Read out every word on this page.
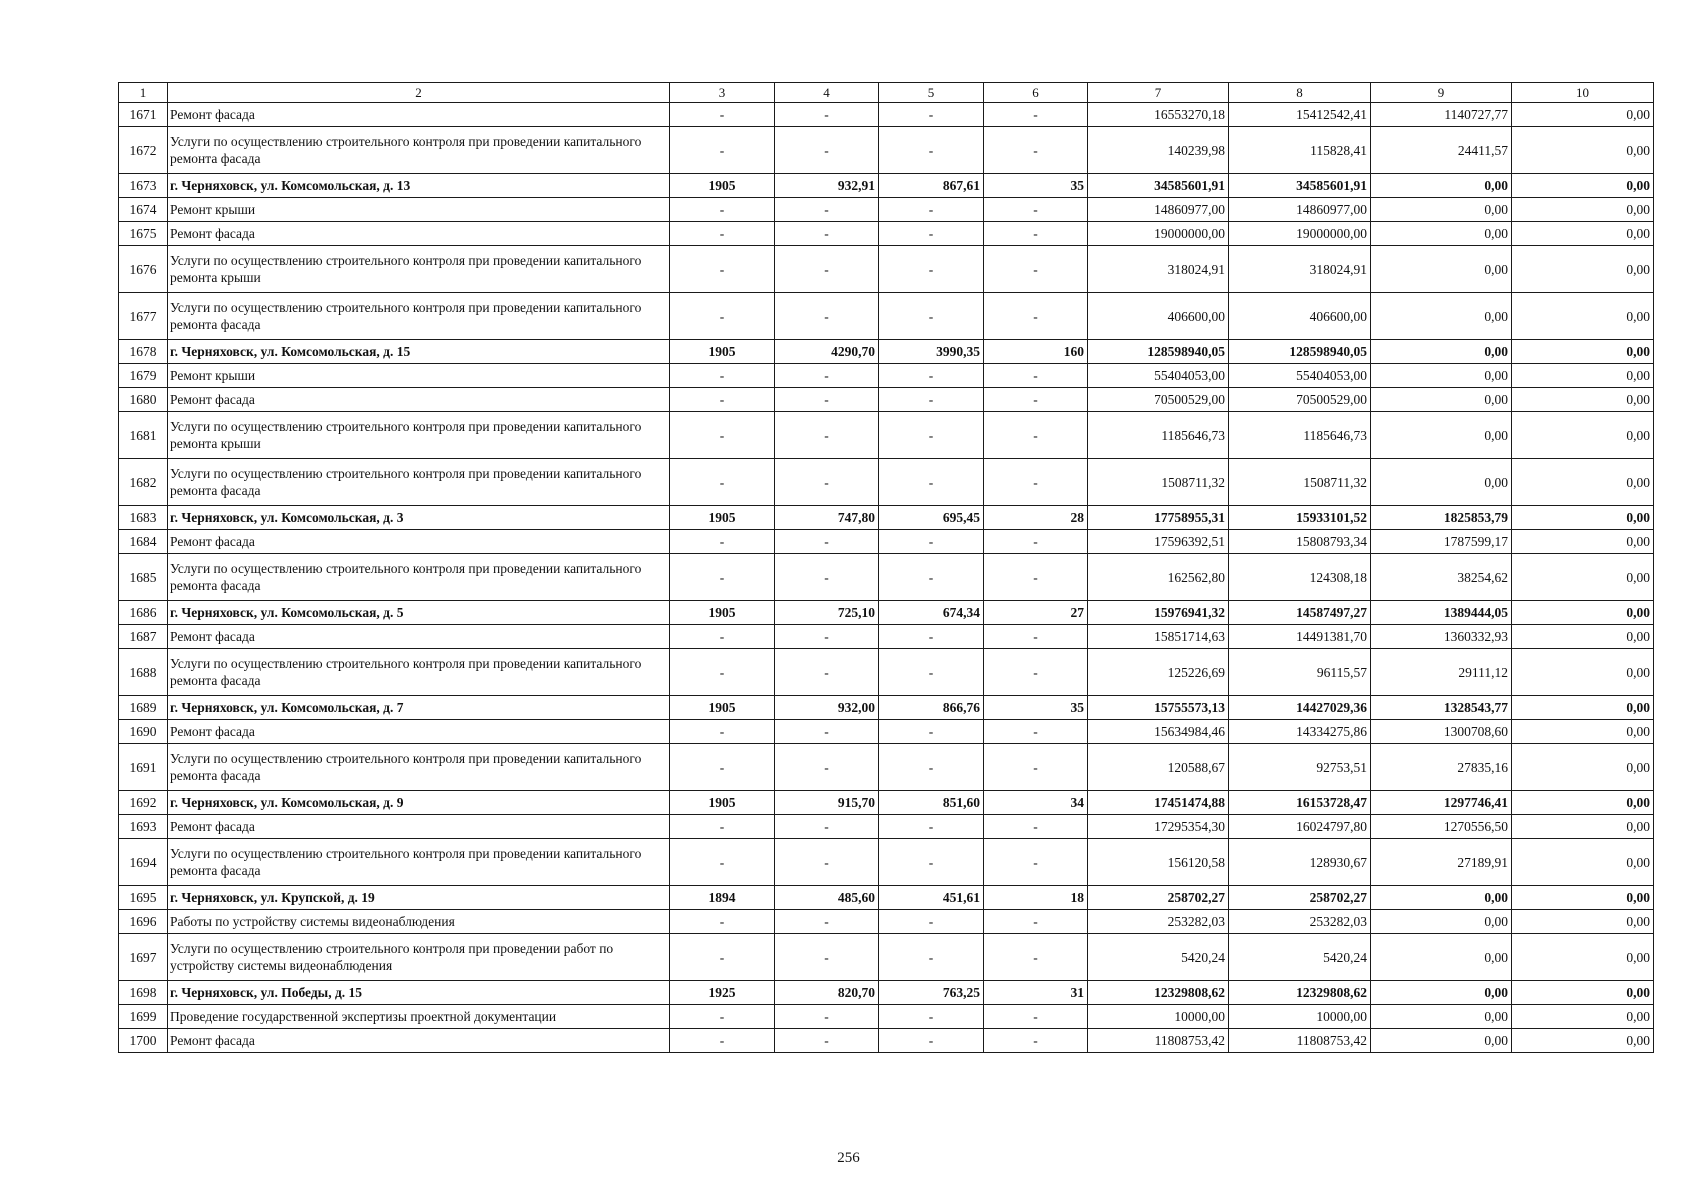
1	2	3	4	5	6	7	8	9	10
1671	Ремонт фасада	-	-	-	-	16553270,18	15412542,41	1140727,77	0,00
1672	Услуги по осуществлению строительного контроля при проведении капитального ремонта фасада	-	-	-	-	140239,98	115828,41	24411,57	0,00
1673	г. Черняховск, ул. Комсомольская, д. 13	1905	932,91	867,61	35	34585601,91	34585601,91	0,00	0,00
1674	Ремонт крыши	-	-	-	-	14860977,00	14860977,00	0,00	0,00
1675	Ремонт фасада	-	-	-	-	19000000,00	19000000,00	0,00	0,00
1676	Услуги по осуществлению строительного контроля при проведении капитального ремонта крыши	-	-	-	-	318024,91	318024,91	0,00	0,00
1677	Услуги по осуществлению строительного контроля при проведении капитального ремонта фасада	-	-	-	-	406600,00	406600,00	0,00	0,00
1678	г. Черняховск, ул. Комсомольская, д. 15	1905	4290,70	3990,35	160	128598940,05	128598940,05	0,00	0,00
1679	Ремонт крыши	-	-	-	-	55404053,00	55404053,00	0,00	0,00
1680	Ремонт фасада	-	-	-	-	70500529,00	70500529,00	0,00	0,00
1681	Услуги по осуществлению строительного контроля при проведении капитального ремонта крыши	-	-	-	-	1185646,73	1185646,73	0,00	0,00
1682	Услуги по осуществлению строительного контроля при проведении капитального ремонта фасада	-	-	-	-	1508711,32	1508711,32	0,00	0,00
1683	г. Черняховск, ул. Комсомольская, д. 3	1905	747,80	695,45	28	17758955,31	15933101,52	1825853,79	0,00
1684	Ремонт фасада	-	-	-	-	17596392,51	15808793,34	1787599,17	0,00
1685	Услуги по осуществлению строительного контроля при проведении капитального ремонта фасада	-	-	-	-	162562,80	124308,18	38254,62	0,00
1686	г. Черняховск, ул. Комсомольская, д. 5	1905	725,10	674,34	27	15976941,32	14587497,27	1389444,05	0,00
1687	Ремонт фасада	-	-	-	-	15851714,63	14491381,70	1360332,93	0,00
1688	Услуги по осуществлению строительного контроля при проведении капитального ремонта фасада	-	-	-	-	125226,69	96115,57	29111,12	0,00
1689	г. Черняховск, ул. Комсомольская, д. 7	1905	932,00	866,76	35	15755573,13	14427029,36	1328543,77	0,00
1690	Ремонт фасада	-	-	-	-	15634984,46	14334275,86	1300708,60	0,00
1691	Услуги по осуществлению строительного контроля при проведении капитального ремонта фасада	-	-	-	-	120588,67	92753,51	27835,16	0,00
1692	г. Черняховск, ул. Комсомольская, д. 9	1905	915,70	851,60	34	17451474,88	16153728,47	1297746,41	0,00
1693	Ремонт фасада	-	-	-	-	17295354,30	16024797,80	1270556,50	0,00
1694	Услуги по осуществлению строительного контроля при проведении капитального ремонта фасада	-	-	-	-	156120,58	128930,67	27189,91	0,00
1695	г. Черняховск, ул. Крупской, д. 19	1894	485,60	451,61	18	258702,27	258702,27	0,00	0,00
1696	Работы по устройству системы видеонаблюдения	-	-	-	-	253282,03	253282,03	0,00	0,00
1697	Услуги по осуществлению строительного контроля при проведении работ по устройству системы видеонаблюдения	-	-	-	-	5420,24	5420,24	0,00	0,00
1698	г. Черняховск, ул. Победы, д. 15	1925	820,70	763,25	31	12329808,62	12329808,62	0,00	0,00
1699	Проведение государственной экспертизы проектной документации	-	-	-	-	10000,00	10000,00	0,00	0,00
1700	Ремонт фасада	-	-	-	-	11808753,42	11808753,42	0,00	0,00
256
